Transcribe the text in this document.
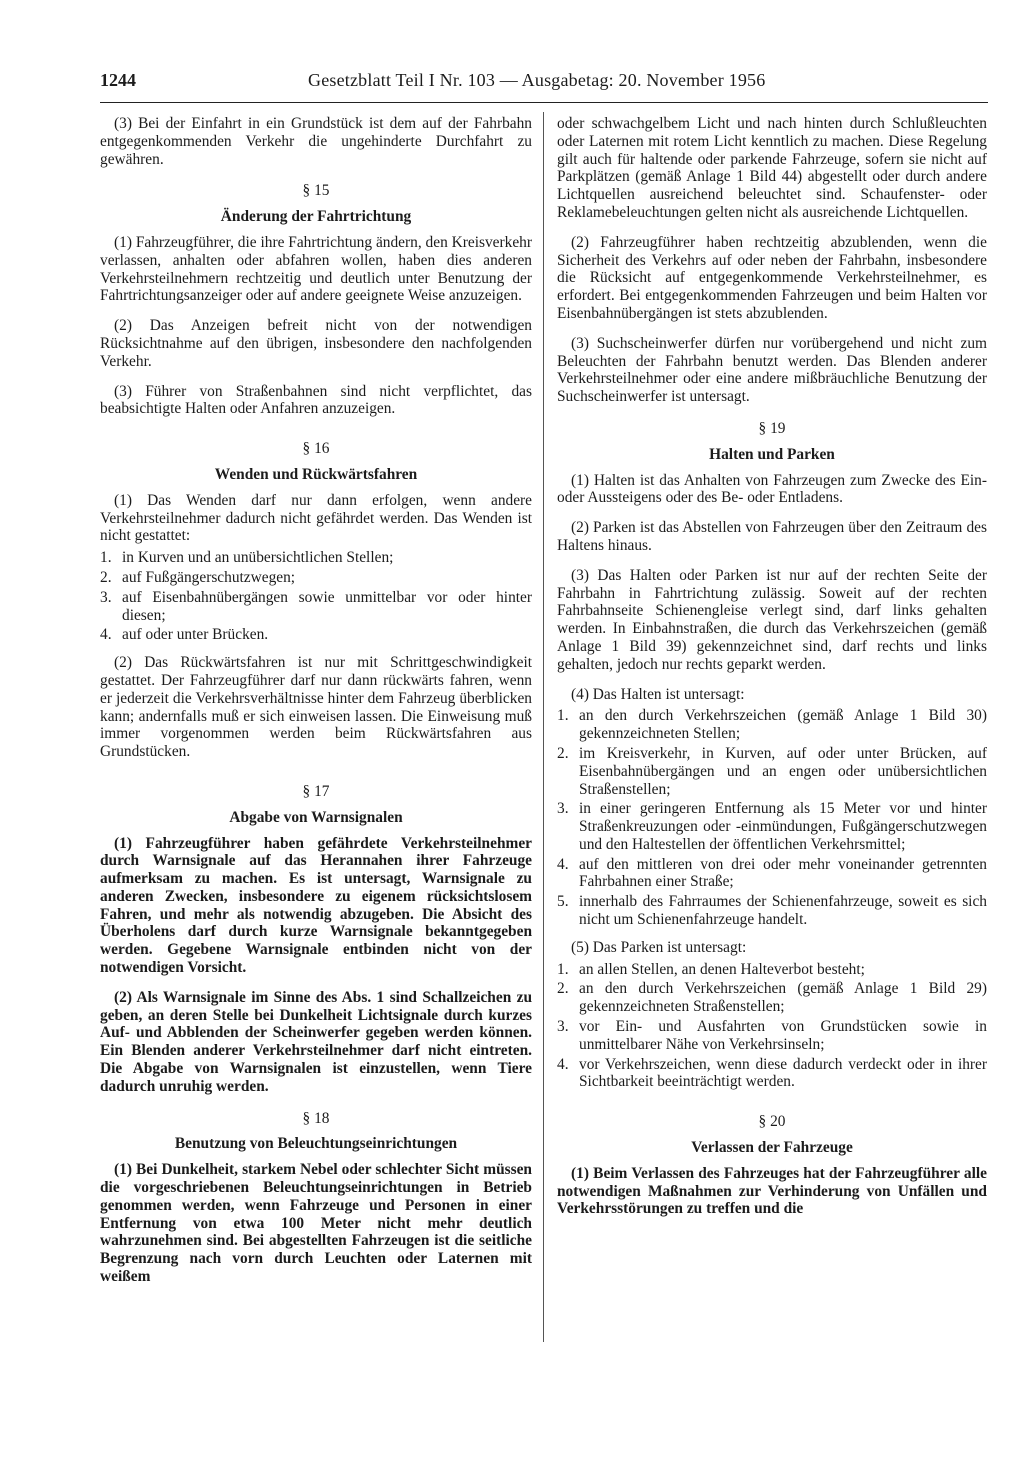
1244	Gesetzblatt Teil I Nr. 103 — Ausgabetag: 20. November 1956

(3) Bei der Einfahrt in ein Grundstück ist dem auf der Fahrbahn entgegenkommenden Verkehr die ungehinderte Durchfahrt zu gewähren.

§ 15
Änderung der Fahrtrichtung

(1) Fahrzeugführer, die ihre Fahrtrichtung ändern, den Kreisverkehr verlassen, anhalten oder abfahren wollen, haben dies anderen Verkehrsteilnehmern rechtzeitig und deutlich unter Benutzung der Fahrtrichtungsanzeiger oder auf andere geeignete Weise anzuzeigen.

(2) Das Anzeigen befreit nicht von der notwendigen Rücksichtnahme auf den übrigen, insbesondere den nachfolgenden Verkehr.

(3) Führer von Straßenbahnen sind nicht verpflichtet, das beabsichtigte Halten oder Anfahren anzuzeigen.

§ 16
Wenden und Rückwärtsfahren

(1) Das Wenden darf nur dann erfolgen, wenn andere Verkehrsteilnehmer dadurch nicht gefährdet werden. Das Wenden ist nicht gestattet:

1. in Kurven und an unübersichtlichen Stellen;
2. auf Fußgängerschutzwegen;
3. auf Eisenbahnübergängen sowie unmittelbar vor oder hinter diesen;
4. auf oder unter Brücken.

(2) Das Rückwärtsfahren ist nur mit Schrittgeschwindigkeit gestattet. Der Fahrzeugführer darf nur dann rückwärts fahren, wenn er jederzeit die Verkehrsverhältnisse hinter dem Fahrzeug überblicken kann; andernfalls muß er sich einweisen lassen. Die Einweisung muß immer vorgenommen werden beim Rückwärtsfahren aus Grundstücken.

§ 17
Abgabe von Warnsignalen

(1) Fahrzeugführer haben gefährdete Verkehrsteilnehmer durch Warnsignale auf das Herannahen ihrer Fahrzeuge aufmerksam zu machen. Es ist untersagt, Warnsignale zu anderen Zwecken, insbesondere zu eigenem rücksichtslosem Fahren, und mehr als notwendig abzugeben. Die Absicht des Überholens darf durch kurze Warnsignale bekanntgegeben werden. Gegebene Warnsignale entbinden nicht von der notwendigen Vorsicht.

(2) Als Warnsignale im Sinne des Abs. 1 sind Schallzeichen zu geben, an deren Stelle bei Dunkelheit Lichtsignale durch kurzes Auf- und Abblenden der Scheinwerfer gegeben werden können. Ein Blenden anderer Verkehrsteilnehmer darf nicht eintreten. Die Abgabe von Warnsignalen ist einzustellen, wenn Tiere dadurch unruhig werden.

§ 18
Benutzung von Beleuchtungseinrichtungen

(1) Bei Dunkelheit, starkem Nebel oder schlechter Sicht müssen die vorgeschriebenen Beleuchtungseinrichtungen in Betrieb genommen werden, wenn Fahrzeuge und Personen in einer Entfernung von etwa 100 Meter nicht mehr deutlich wahrzunehmen sind. Bei abgestellten Fahrzeugen ist die seitliche Begrenzung nach vorn durch Leuchten oder Laternen mit weißem

oder schwachgelbem Licht und nach hinten durch Schlußleuchten oder Laternen mit rotem Licht kenntlich zu machen. Diese Regelung gilt auch für haltende oder parkende Fahrzeuge, sofern sie nicht auf Parkplätzen (gemäß Anlage 1 Bild 44) abgestellt oder durch andere Lichtquellen ausreichend beleuchtet sind. Schaufenster- oder Reklamebeleuchtungen gelten nicht als ausreichende Lichtquellen.

(2) Fahrzeugführer haben rechtzeitig abzublenden, wenn die Sicherheit des Verkehrs auf oder neben der Fahrbahn, insbesondere die Rücksicht auf entgegenkommende Verkehrsteilnehmer, es erfordert. Bei entgegenkommenden Fahrzeugen und beim Halten vor Eisenbahnübergängen ist stets abzublenden.

(3) Suchscheinwerfer dürfen nur vorübergehend und nicht zum Beleuchten der Fahrbahn benutzt werden. Das Blenden anderer Verkehrsteilnehmer oder eine andere mißbräuchliche Benutzung der Suchscheinwerfer ist untersagt.

§ 19
Halten und Parken

(1) Halten ist das Anhalten von Fahrzeugen zum Zwecke des Ein- oder Aussteigens oder des Be- oder Entladens.

(2) Parken ist das Abstellen von Fahrzeugen über den Zeitraum des Haltens hinaus.

(3) Das Halten oder Parken ist nur auf der rechten Seite der Fahrbahn in Fahrtrichtung zulässig. Soweit auf der rechten Fahrbahnseite Schienengleise verlegt sind, darf links gehalten werden. In Einbahnstraßen, die durch das Verkehrszeichen (gemäß Anlage 1 Bild 39) gekennzeichnet sind, darf rechts und links gehalten, jedoch nur rechts geparkt werden.

(4) Das Halten ist untersagt:

1. an den durch Verkehrszeichen (gemäß Anlage 1 Bild 30) gekennzeichneten Stellen;
2. im Kreisverkehr, in Kurven, auf oder unter Brücken, auf Eisenbahnübergängen und an engen oder unübersichtlichen Straßenstellen;
3. in einer geringeren Entfernung als 15 Meter vor und hinter Straßenkreuzungen oder -einmündungen, Fußgängerschutzwegen und den Haltestellen der öffentlichen Verkehrsmittel;
4. auf den mittleren von drei oder mehr voneinander getrennten Fahrbahnen einer Straße;
5. innerhalb des Fahrraumes der Schienenfahrzeuge, soweit es sich nicht um Schienenfahrzeuge handelt.

(5) Das Parken ist untersagt:

1. an allen Stellen, an denen Halteverbot besteht;
2. an den durch Verkehrszeichen (gemäß Anlage 1 Bild 29) gekennzeichneten Straßenstellen;
3. vor Ein- und Ausfahrten von Grundstücken sowie in unmittelbarer Nähe von Verkehrsinseln;
4. vor Verkehrszeichen, wenn diese dadurch verdeckt oder in ihrer Sichtbarkeit beeinträchtigt werden.
§ 20
Verlassen der Fahrzeuge

(1) Beim Verlassen des Fahrzeuges hat der Fahrzeugführer alle notwendigen Maßnahmen zur Verhinderung von Unfällen und Verkehrsstörungen zu treffen und die
